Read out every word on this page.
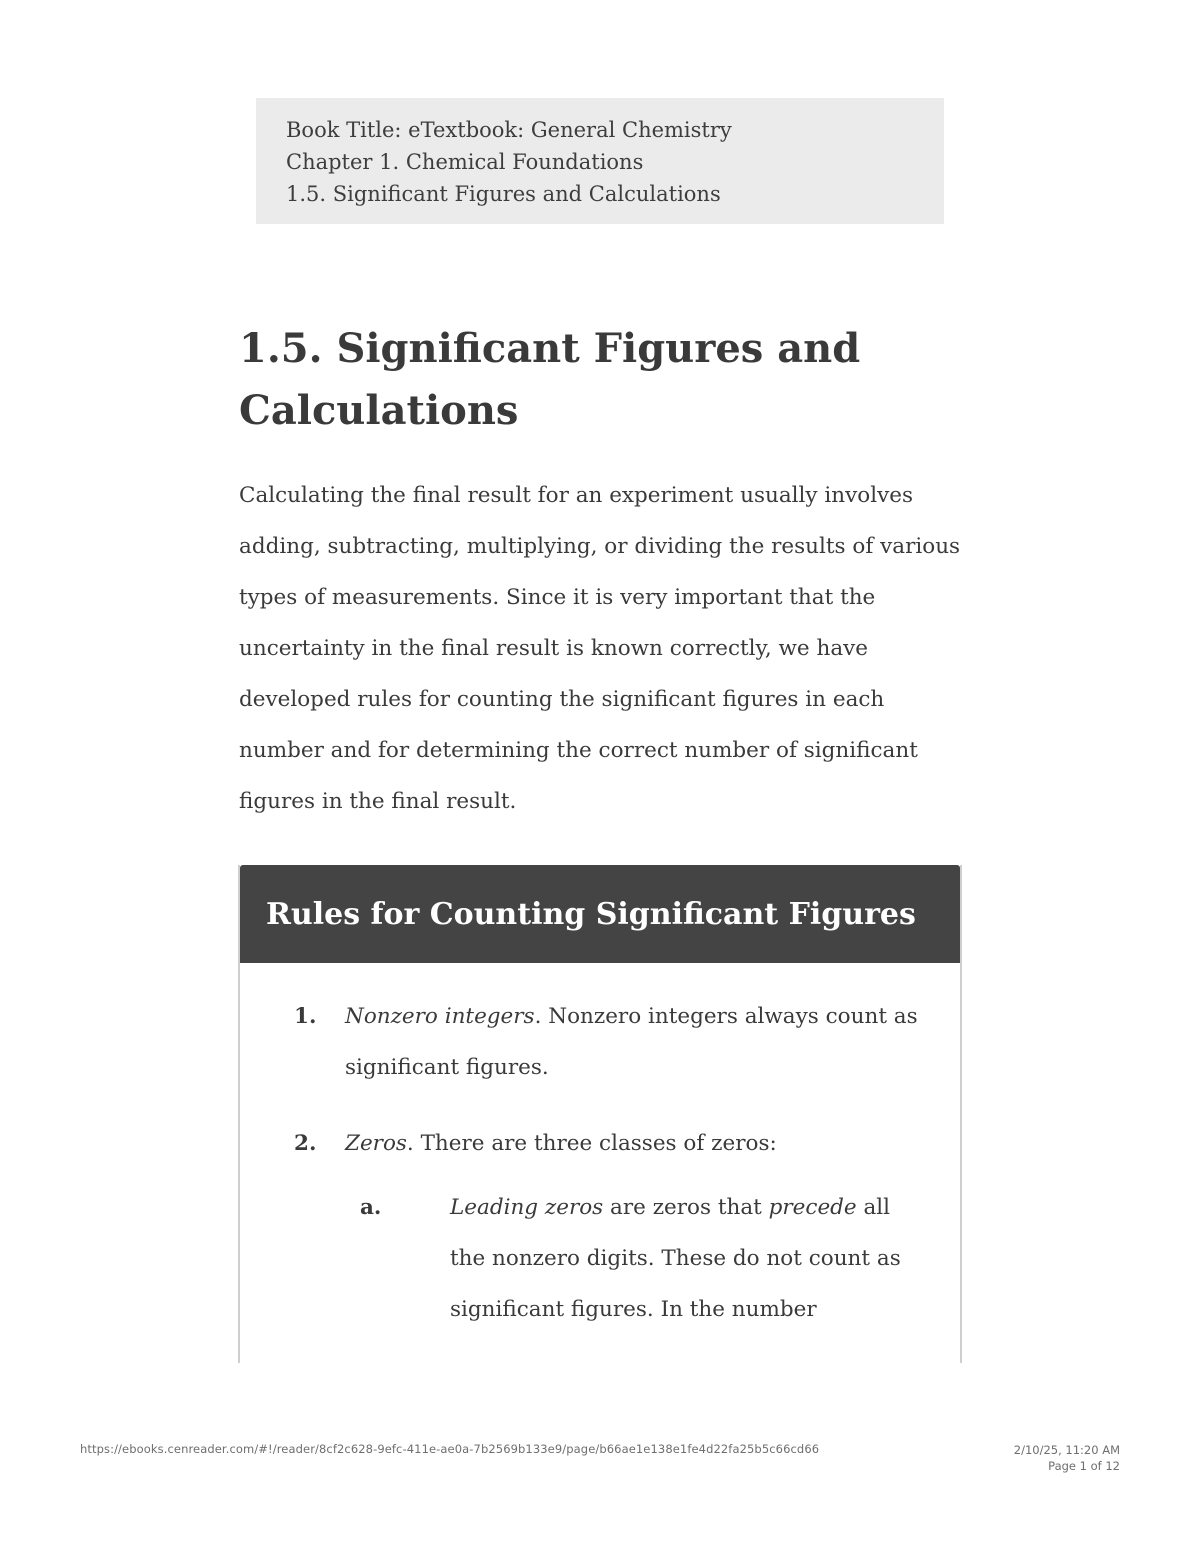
Book Title: eTextbook: General Chemistry
Chapter 1. Chemical Foundations
1.5. Significant Figures and Calculations
1.5. Significant Figures and Calculations

Calculating the final result for an experiment usually involves adding, subtracting, multiplying, or dividing the results of various types of measurements. Since it is very important that the uncertainty in the final result is known correctly, we have developed rules for counting the significant figures in each number and for determining the correct number of significant figures in the final result.

Rules for Counting Significant Figures
1. Nonzero integers. Nonzero integers always count as significant figures.
2. Zeros. There are three classes of zeros:
a.	Leading zeros are zeros that precede all the nonzero digits. These do not count as significant figures. In the number
https://ebooks.cenreader.com/#!/reader/8cf2c628-9efc-411e-ae0a-7b2569b133e9/page/b66ae1e138e1fe4d22fa25b5c66cd66	2/10/25, 11:20 AM
Page 1 of 12
